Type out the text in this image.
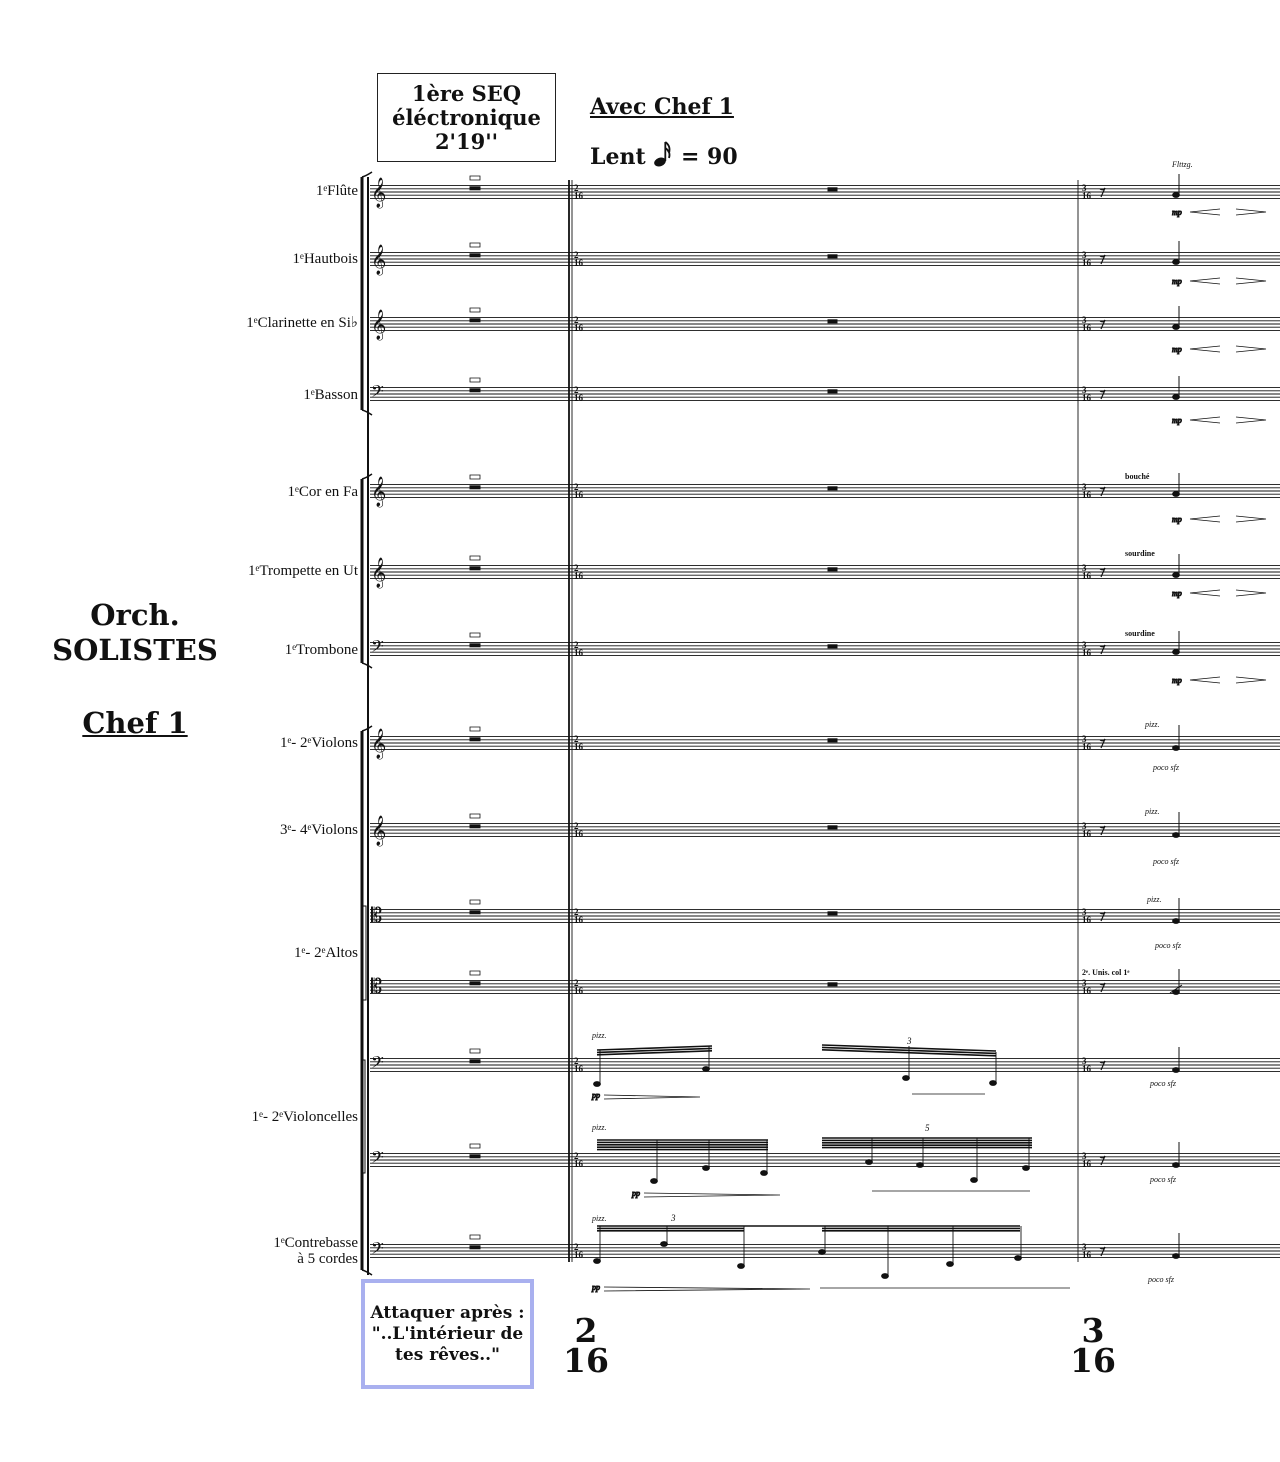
1ère SEQ
éléctronique
2'19''
Avec Chef 1
Lent = 90
Orch.
SOLISTES
Chef 1
1ᵉFlûte
1ᵉHautbois
1ᵉClarinette en Si♭
1ᵉBasson
1ᵉCor en Fa
1ᵉTrompette en Ut
1ᵉTrombone
1ᵉ- 2ᵉViolons
3ᵉ- 4ᵉViolons
1ᵉ- 2ᵉAltos
1ᵉ- 2ᵉVioloncelles
1ᵉContrebasse
à 5 cordes
𝄞
𝄞
𝄞
𝄢
𝄞
𝄞
𝄢
𝄞
𝄞
𝄡
𝄡
𝄢
𝄢
𝄢
2
16
3
16
2
16
3
16
2
16
3
16
2
16
3
16
2
16
3
16
2
16
3
16
2
16
3
16
2
16
3
16
2
16
3
16
2
16
3
16
2
16
3
16
2
16
3
16
2
16
3
16
2
16
3
16
mp
mp
mp
mp
mp
mp
mp
pp
pp
pp
Flttzg.
bouché
sourdine
sourdine
2ᵉ. Unis. col 1ᵉ
pizz.
pizz.
pizz.
pizz.
pizz.
pizz.
poco sfz
poco sfz
poco sfz
poco sfz
poco sfz
poco sfz
3
5
3
Attaquer après :
"..L'intérieur de
tes rêves.."
2
16
3
16
